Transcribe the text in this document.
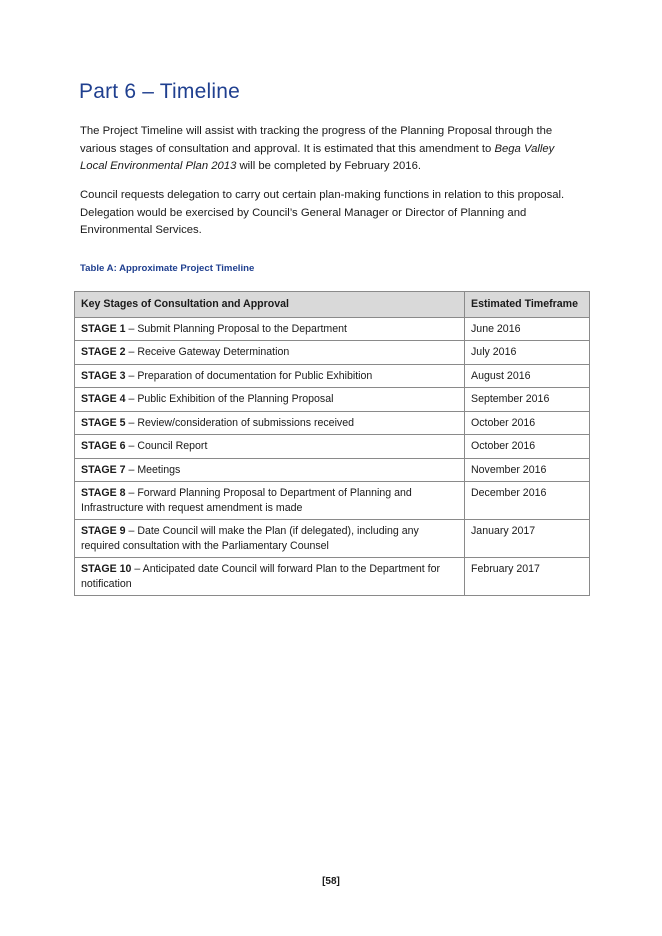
Part 6 – Timeline

The Project Timeline will assist with tracking the progress of the Planning Proposal through the various stages of consultation and approval. It is estimated that this amendment to Bega Valley Local Environmental Plan 2013 will be completed by February 2016.

Council requests delegation to carry out certain plan-making functions in relation to this proposal. Delegation would be exercised by Council’s General Manager or Director of Planning and Environmental Services.

Table A: Approximate Project Timeline

Key Stages of Consultation and Approval	Estimated Timeframe
STAGE 1 – Submit Planning Proposal to the Department	June 2016
STAGE 2 – Receive Gateway Determination	July 2016
STAGE 3 – Preparation of documentation for Public Exhibition	August 2016
STAGE 4 – Public Exhibition of the Planning Proposal	September 2016
STAGE 5 – Review/consideration of submissions received	October 2016
STAGE 6 – Council Report	October 2016
STAGE 7 – Meetings	November 2016
STAGE 8 – Forward Planning Proposal to Department of Planning and Infrastructure with request amendment is made	December 2016
STAGE 9 – Date Council will make the Plan (if delegated), including any required consultation with the Parliamentary Counsel	January 2017
STAGE 10 – Anticipated date Council will forward Plan to the Department for notification	February 2017
[58]
